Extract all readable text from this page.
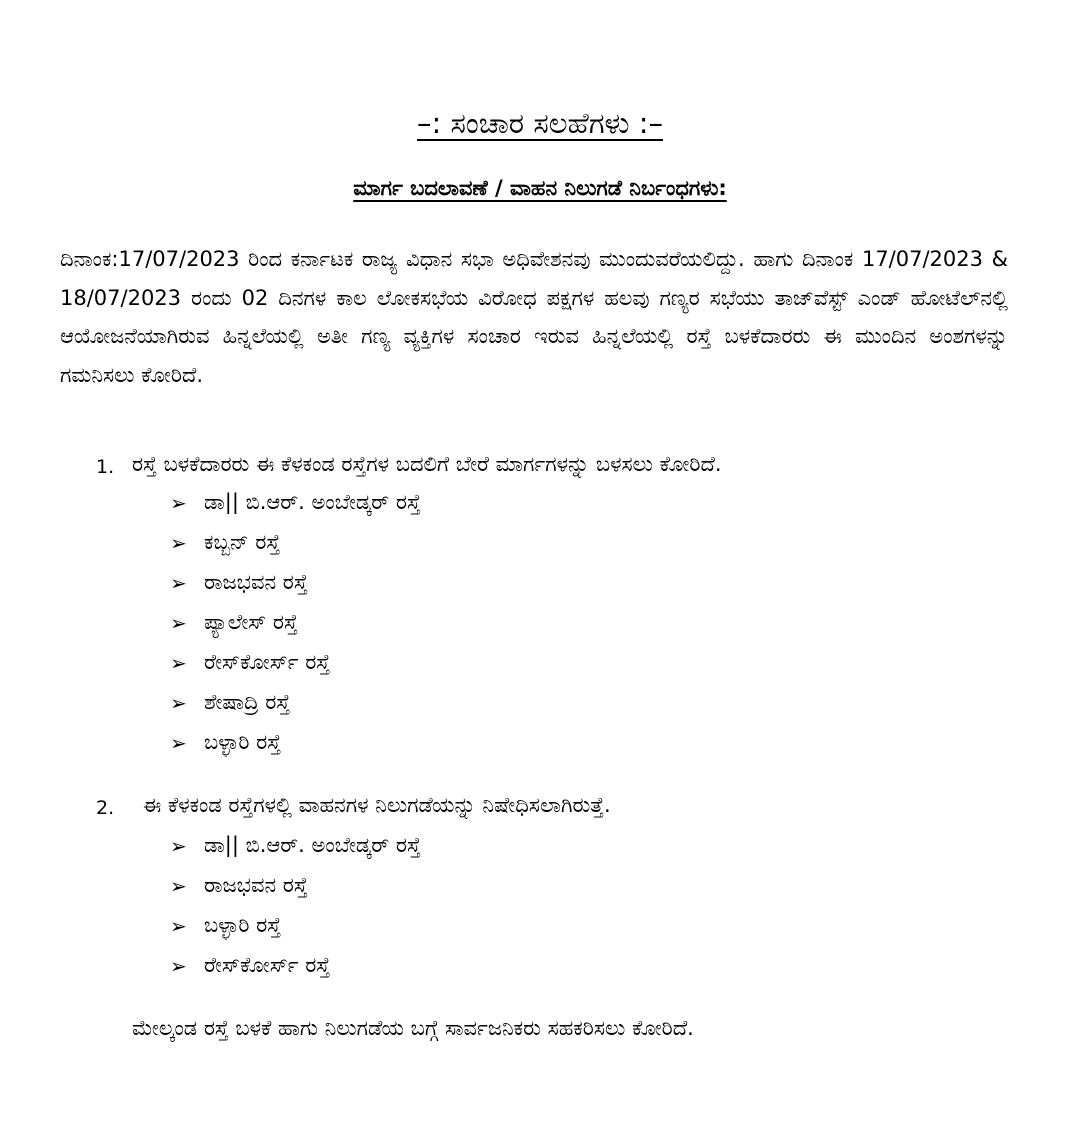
–: ಸಂಚಾರ ಸಲಹೆಗಳು :–
ಮಾರ್ಗ ಬದಲಾವಣೆ / ವಾಹನ ನಿಲುಗಡೆ ನಿರ್ಬಂಧಗಳು:
ದಿನಾಂಕ:17/07/2023 ರಿಂದ ಕರ್ನಾಟಕ ರಾಜ್ಯ ವಿಧಾನ ಸಭಾ ಅಧಿವೇಶನವು ಮುಂದುವರೆಯಲಿದ್ದು. ಹಾಗು ದಿನಾಂಕ 17/07/2023 & 18/07/2023 ರಂದು 02 ದಿನಗಳ ಕಾಲ ಲೋಕಸಭೆಯ ವಿರೋಧ ಪಕ್ಷಗಳ ಹಲವು ಗಣ್ಯರ ಸಭೆಯು ತಾಜ್‌ವೆಸ್ಟ್ ಎಂಡ್ ಹೋಟೆಲ್‌ನಲ್ಲಿ ಆಯೋಜನೆಯಾಗಿರುವ ಹಿನ್ನಲೆಯಲ್ಲಿ ಅತೀ ಗಣ್ಯ ವ್ಯಕ್ತಿಗಳ ಸಂಚಾರ ಇರುವ ಹಿನ್ನಲೆಯಲ್ಲಿ ರಸ್ತೆ ಬಳಕೆದಾರರು ಈ ಮುಂದಿನ ಅಂಶಗಳನ್ನು ಗಮನಿಸಲು ಕೋರಿದೆ.
1. ರಸ್ತೆ ಬಳಕೆದಾರರು ಈ ಕೆಳಕಂಡ ರಸ್ತೆಗಳ ಬದಲಿಗೆ ಬೇರೆ ಮಾರ್ಗಗಳನ್ನು ಬಳಸಲು ಕೋರಿದೆ.
➢ ಡಾ|| ಬಿ.ಆರ್. ಅಂಬೇಡ್ಕರ್ ರಸ್ತೆ
➢ ಕಬ್ಬನ್ ರಸ್ತೆ
➢ ರಾಜಭವನ ರಸ್ತೆ
➢ ಪ್ಯಾಲೇಸ್ ರಸ್ತೆ
➢ ರೇಸ್‌ಕೋರ್ಸ್ ರಸ್ತೆ
➢ ಶೇಷಾದ್ರಿ ರಸ್ತೆ
➢ ಬಳ್ಳಾರಿ ರಸ್ತೆ
2. ಈ ಕೆಳಕಂಡ ರಸ್ತೆಗಳಲ್ಲಿ ವಾಹನಗಳ ನಿಲುಗಡೆಯನ್ನು ನಿಷೇಧಿಸಲಾಗಿರುತ್ತೆ.
➢ ಡಾ|| ಬಿ.ಆರ್. ಅಂಬೇಡ್ಕರ್ ರಸ್ತೆ
➢ ರಾಜಭವನ ರಸ್ತೆ
➢ ಬಳ್ಳಾರಿ ರಸ್ತೆ
➢ ರೇಸ್‌ಕೋರ್ಸ್ ರಸ್ತೆ
ಮೇಲ್ಕಂಡ ರಸ್ತೆ ಬಳಕೆ ಹಾಗು ನಿಲುಗಡೆಯ ಬಗ್ಗೆ ಸಾರ್ವಜನಿಕರು ಸಹಕರಿಸಲು ಕೋರಿದೆ.
